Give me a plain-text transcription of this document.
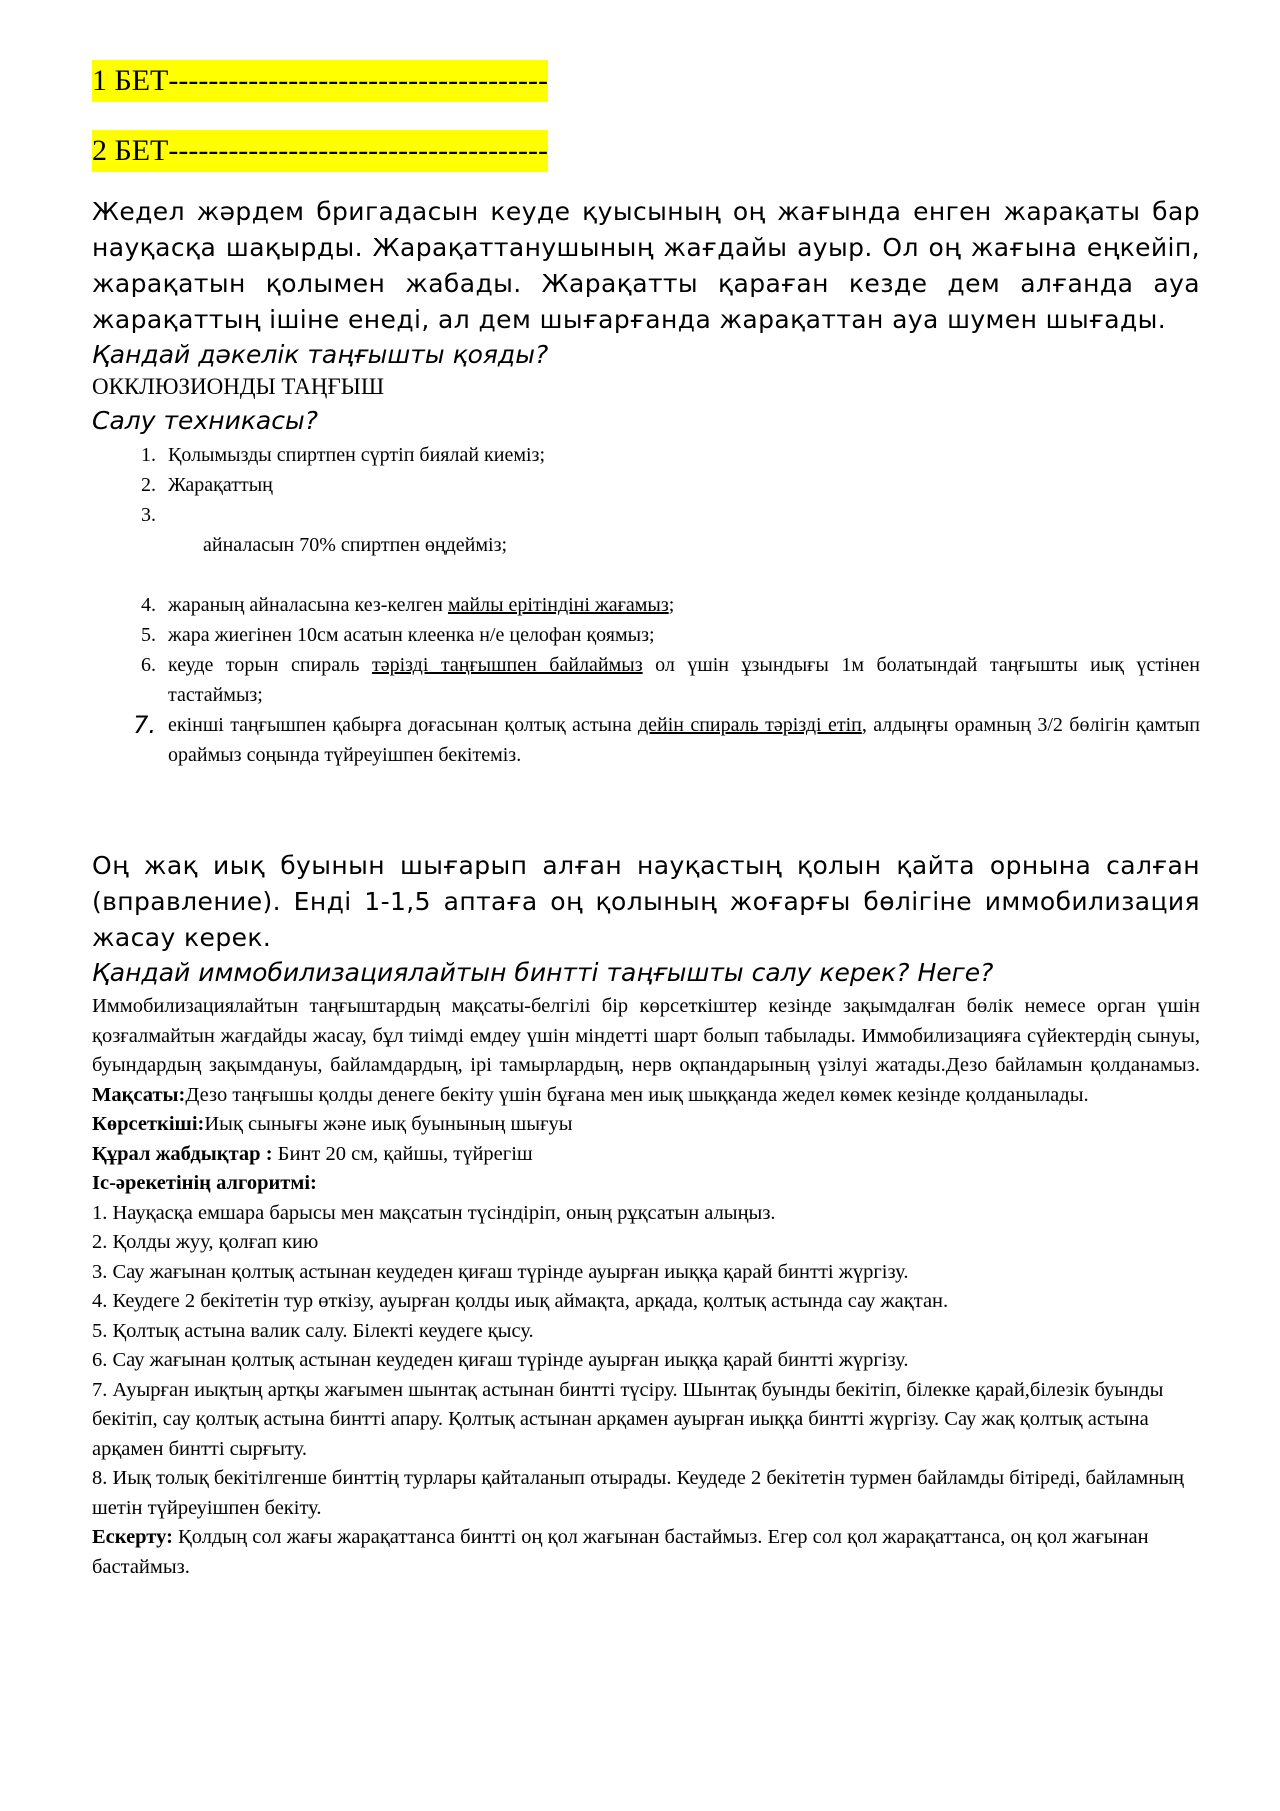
1 БЕТ--------------------------------------
2 БЕТ--------------------------------------

Жедел жәрдем бригадасын кеуде қуысының оң жағында енген жарақаты бар науқасқа шақырды. Жарақаттанушының жағдайы ауыр. Ол оң жағына еңкейіп, жарақатын қолымен жабады. Жарақатты қараған кезде дем алғанда ауа жарақаттың ішіне енеді, ал дем шығарғанда жарақаттан ауа шумен шығады.

Қандай дәкелік таңғышты қояды?

ОККЛЮЗИОНДЫ ТАҢҒЫШ

Салу техникасы?

1. Қолымызды спиртпен сүртіп биялай киеміз;
2. Жарақаттың

3.
айналасын 70% спиртпен өңдейміз;

4. жараның айналасына кез-келген майлы ерітіндіні жағамыз;
5. жара жиегінен 10см асатын клеенка н/е целофан қоямыз;
6. кеуде торын спираль тәрізді таңғышпен байлаймыз ол үшін ұзындығы 1м болатындай таңғышты иық үстінен тастаймыз;
7. екінші таңғышпен қабырға доғасынан қолтық астына дейін спираль тәрізді етіп, алдыңғы орамның 3/2 бөлігін қамтып ораймыз соңында түйреуішпен бекітеміз.

Оң жақ иық буынын шығарып алған науқастың қолын қайта орнына салған (вправление). Енді 1-1,5 аптаға оң қолының жоғарғы бөлігіне иммобилизация жасау керек.

Қандай иммобилизациялайтын бинтті таңғышты салу керек? Неге?

Иммобилизациялайтын таңғыштардың мақсаты-белгілі бір көрсеткіштер кезінде зақымдалған бөлік немесе орган үшін қозғалмайтын жағдайды жасау, бұл тиімді емдеу үшін міндетті шарт болып табылады. Иммобилизацияға сүйектердің сынуы, буындардың зақымдануы, байламдардың, ірі тамырлардың, нерв оқпандарының үзілуі жатады.Дезо байламын қолданамыз. Мақсаты:Дезо таңғышы қолды денеге бекіту үшін бұғана мен иық шыққанда жедел көмек кезінде қолданылады.

Көрсеткіші:Иық сынығы және иық буынының шығуы

Құрал жабдықтар : Бинт 20 см, қайшы, түйрегіш

Іс-әрекетінің алгоритмі:

1. Науқасқа емшара барысы мен мақсатын түсіндіріп, оның рұқсатын алыңыз.

2. Қолды жуу, қолғап кию

3. Сау жағынан қолтық астынан кеудеден қиғаш түрінде ауырған иыққа қарай бинтті жүргізу.

4. Кеудеге 2 бекітетін тур өткізу, ауырған қолды иық аймақта, арқада, қолтық астында сау жақтан.

5. Қолтық астына валик салу. Білекті кеудеге қысу.

6. Сау жағынан қолтық астынан кеудеден қиғаш түрінде ауырған иыққа қарай бинтті жүргізу.

7. Ауырған иықтың артқы жағымен шынтақ астынан бинтті түсіру. Шынтақ буынды бекітіп, білекке қарай,білезік буынды бекітіп, сау қолтық астына бинтті апару. Қолтық астынан арқамен ауырған иыққа бинтті жүргізу. Сау жақ қолтық астына арқамен бинтті сырғыту.

8. Иық толық бекітілгенше бинттің турлары қайталанып отырады. Кеудеде 2 бекітетін турмен байламды бітіреді, байламның шетін түйреуішпен бекіту.

Ескерту: Қолдың сол жағы жарақаттанса бинтті оң қол жағынан бастаймыз. Егер сол қол жарақаттанса, оң қол жағынан бастаймыз.
